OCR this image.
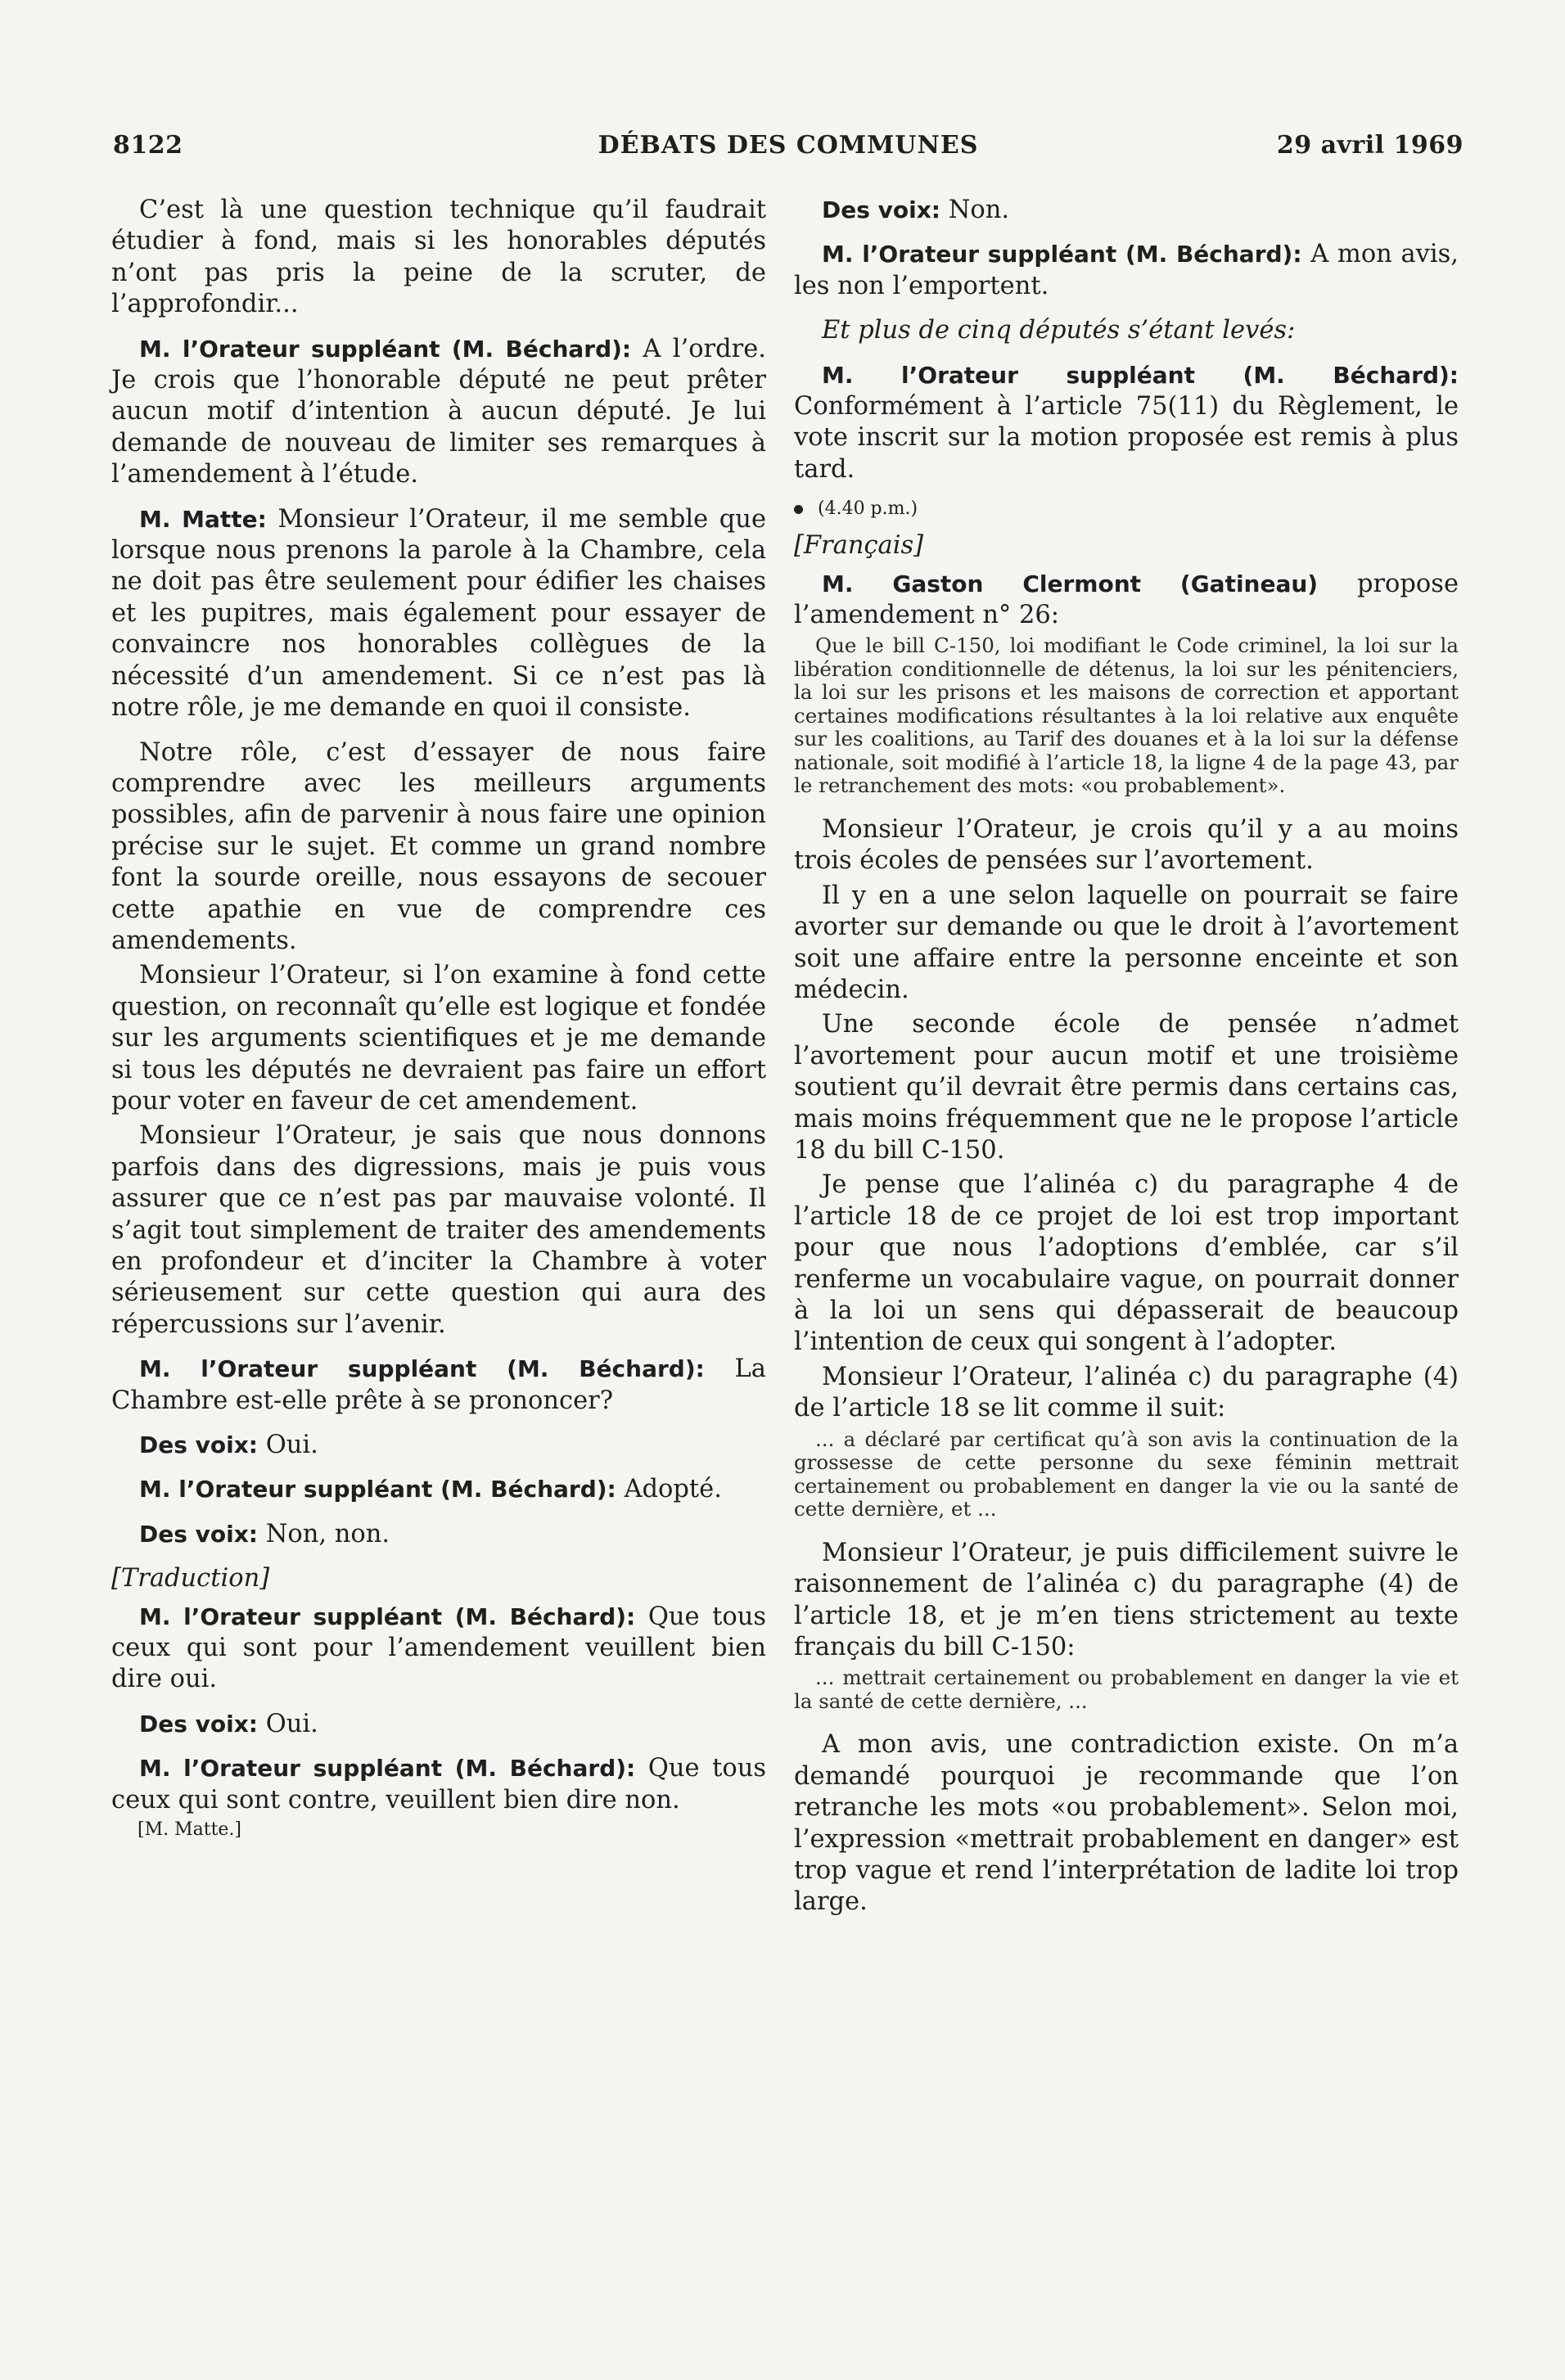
8122	DÉBATS DES COMMUNES	29 avril 1969

C’est là une question technique qu’il faudrait étudier à fond, mais si les honorables députés n’ont pas pris la peine de la scruter, de l’approfondir...

M. l’Orateur suppléant (M. Béchard): A l’ordre. Je crois que l’honorable député ne peut prêter aucun motif d’intention à aucun député. Je lui demande de nouveau de limiter ses remarques à l’amendement à l’étude.

M. Matte: Monsieur l’Orateur, il me semble que lorsque nous prenons la parole à la Chambre, cela ne doit pas être seulement pour édifier les chaises et les pupitres, mais également pour essayer de convaincre nos honorables collègues de la nécessité d’un amendement. Si ce n’est pas là notre rôle, je me demande en quoi il consiste.

Notre rôle, c’est d’essayer de nous faire comprendre avec les meilleurs arguments possibles, afin de parvenir à nous faire une opinion précise sur le sujet. Et comme un grand nombre font la sourde oreille, nous essayons de secouer cette apathie en vue de comprendre ces amendements.

Monsieur l’Orateur, si l’on examine à fond cette question, on reconnaît qu’elle est logique et fondée sur les arguments scientifiques et je me demande si tous les députés ne devraient pas faire un effort pour voter en faveur de cet amendement.

Monsieur l’Orateur, je sais que nous donnons parfois dans des digressions, mais je puis vous assurer que ce n’est pas par mauvaise volonté. Il s’agit tout simplement de traiter des amendements en profondeur et d’inciter la Chambre à voter sérieusement sur cette question qui aura des répercussions sur l’avenir.

M. l’Orateur suppléant (M. Béchard): La Chambre est-elle prête à se prononcer?

Des voix: Oui.

M. l’Orateur suppléant (M. Béchard): Adopté.

Des voix: Non, non.

[Traduction]

M. l’Orateur suppléant (M. Béchard): Que tous ceux qui sont pour l’amendement veuillent bien dire oui.

Des voix: Oui.

M. l’Orateur suppléant (M. Béchard): Que tous ceux qui sont contre, veuillent bien dire non.

[M. Matte.]

Des voix: Non.

M. l’Orateur suppléant (M. Béchard): A mon avis, les non l’emportent.

Et plus de cinq députés s’étant levés:

M. l’Orateur suppléant (M. Béchard): Conformément à l’article 75(11) du Règlement, le vote inscrit sur la motion proposée est remis à plus tard.

(4.40 p.m.)

[Français]

M. Gaston Clermont (Gatineau) propose l’amendement n° 26:

Que le bill C-150, loi modifiant le Code criminel, la loi sur la libération conditionnelle de détenus, la loi sur les pénitenciers, la loi sur les prisons et les maisons de correction et apportant certaines modifications résultantes à la loi relative aux enquête sur les coalitions, au Tarif des douanes et à la loi sur la défense nationale, soit modifié à l’article 18, la ligne 4 de la page 43, par le retranchement des mots: «ou probablement».

Monsieur l’Orateur, je crois qu’il y a au moins trois écoles de pensées sur l’avortement.

Il y en a une selon laquelle on pourrait se faire avorter sur demande ou que le droit à l’avortement soit une affaire entre la personne enceinte et son médecin.

Une seconde école de pensée n’admet l’avortement pour aucun motif et une troisième soutient qu’il devrait être permis dans certains cas, mais moins fréquemment que ne le propose l’article 18 du bill C-150.

Je pense que l’alinéa c) du paragraphe 4 de l’article 18 de ce projet de loi est trop important pour que nous l’adoptions d’emblée, car s’il renferme un vocabulaire vague, on pourrait donner à la loi un sens qui dépasserait de beaucoup l’intention de ceux qui songent à l’adopter.

Monsieur l’Orateur, l’alinéa c) du paragraphe (4) de l’article 18 se lit comme il suit:

... a déclaré par certificat qu’à son avis la continuation de la grossesse de cette personne du sexe féminin mettrait certainement ou probablement en danger la vie ou la santé de cette dernière, et ...

Monsieur l’Orateur, je puis difficilement suivre le raisonnement de l’alinéa c) du paragraphe (4) de l’article 18, et je m’en tiens strictement au texte français du bill C-150:

... mettrait certainement ou probablement en danger la vie et la santé de cette dernière, ...

A mon avis, une contradiction existe. On m’a demandé pourquoi je recommande que l’on retranche les mots «ou probablement». Selon moi, l’expression «mettrait probablement en danger» est trop vague et rend l’interprétation de ladite loi trop large.
